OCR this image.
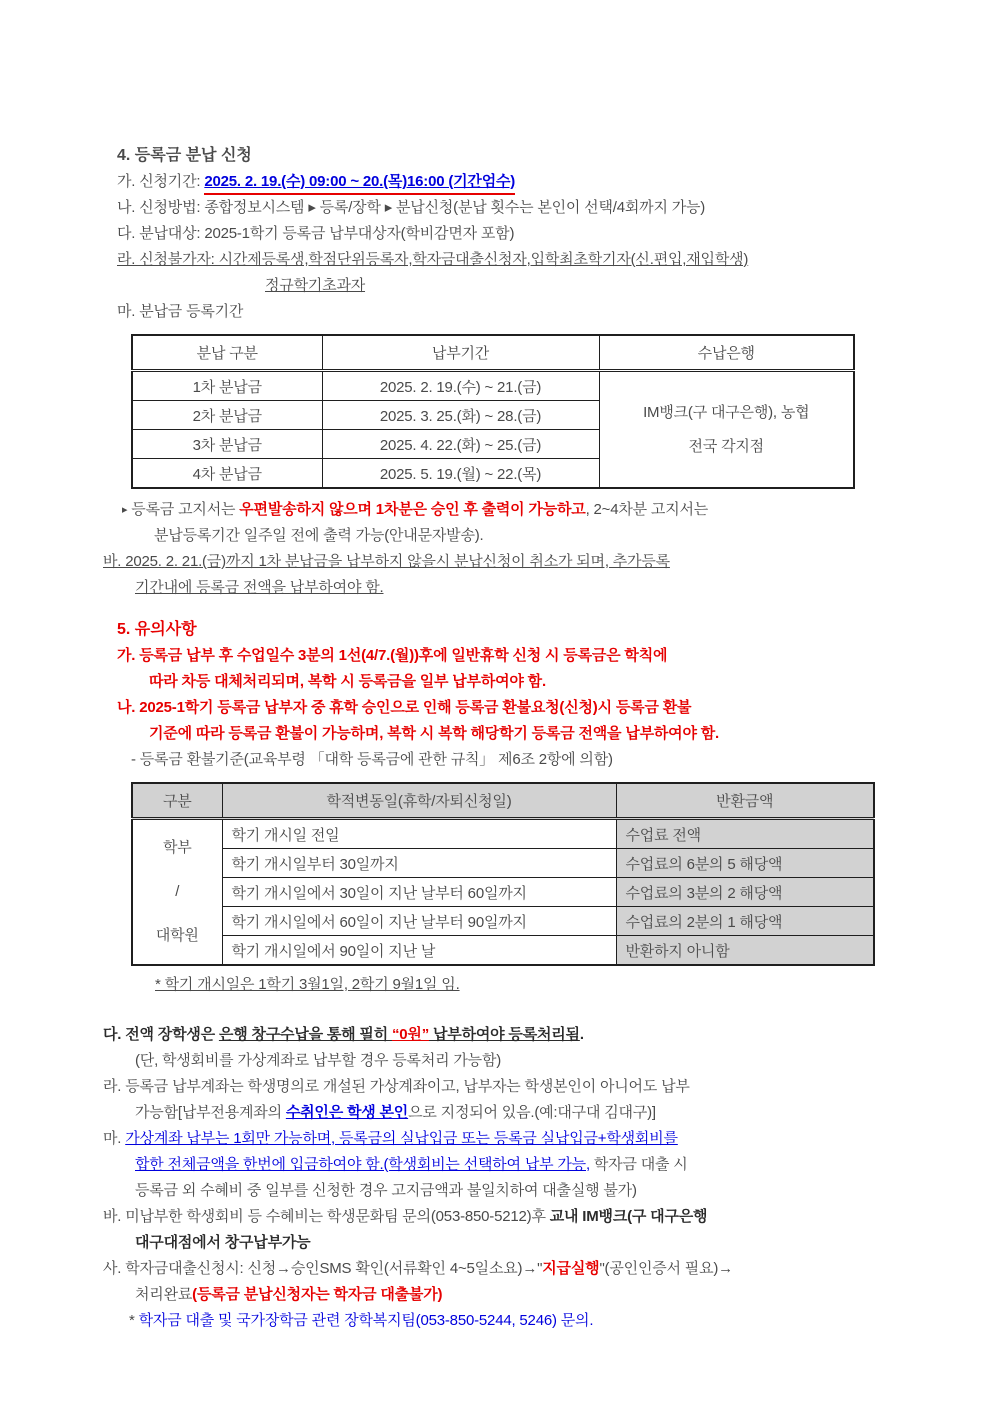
4. 등록금 분납 신청
가. 신청기간: 2025. 2. 19.(수) 09:00 ~ 20.(목)16:00 (기간엄수)
나. 신청방법: 종합정보시스템 ▸ 등록/장학 ▸ 분납신청(분납 횟수는 본인이 선택/4회까지 가능)
다. 분납대상: 2025-1학기 등록금 납부대상자(학비감면자 포함)
라. 신청불가자: 시간제등록생,학점단위등록자,학자금대출신청자,입학최초학기자(신.편입,재입학생)
정규학기초과자
마. 분납금 등록기간
분납 구분	납부기간	수납은행
1차 분납금	2025. 2. 19.(수) ~ 21.(금)	IM뱅크(구 대구은행), 농협
전국 각지점

2차 분납금	2025. 3. 25.(화) ~ 28.(금)	
3차 분납금	2025. 4. 22.(화) ~ 25.(금)	
4차 분납금	2025. 5. 19.(월) ~ 22.(목)	
▸ 등록금 고지서는 우편발송하지 않으며 1차분은 승인 후 출력이 가능하고, 2~4차분 고지서는
분납등록기간 일주일 전에 출력 가능(안내문자발송).
바. 2025. 2. 21.(금)까지 1차 분납금을 납부하지 않을시 분납신청이 취소가 되며, 추가등록
기간내에 등록금 전액을 납부하여야 함.
5. 유의사항
가. 등록금 납부 후 수업일수 3분의 1선(4/7.(월))후에 일반휴학 신청 시 등록금은 학칙에
따라 차등 대체처리되며, 복학 시 등록금을 일부 납부하여야 함.
나. 2025-1학기 등록금 납부자 중 휴학 승인으로 인해 등록금 환불요청(신청)시 등록금 환불
기준에 따라 등록금 환불이 가능하며, 복학 시 복학 해당학기 등록금 전액을 납부하여야 함.
- 등록금 환불기준(교육부령 「대학 등록금에 관한 규칙」 제6조 2항에 의함)
구분	학적변동일(휴학/자퇴신청일)	반환금액

학부
/
대학원	학기 개시일 전일	수업료 전액
	학기 개시일부터 30일까지	수업료의 6분의 5 해당액
	학기 개시일에서 30일이 지난 날부터 60일까지	수업료의 3분의 2 해당액
	학기 개시일에서 60일이 지난 날부터 90일까지	수업료의 2분의 1 해당액
	학기 개시일에서 90일이 지난 날	반환하지 아니함
* 학기 개시일은 1학기 3월1일, 2학기 9월1일 임.
다. 전액 장학생은 은행 창구수납을 통해 필히 “0원” 납부하여야 등록처리됨.
(단, 학생회비를 가상계좌로 납부할 경우 등록처리 가능함)
라. 등록금 납부계좌는 학생명의로 개설된 가상계좌이고, 납부자는 학생본인이 아니어도 납부
가능함[납부전용계좌의 수취인은 학생 본인으로 지정되어 있음.(예:대구대 김대구)]
마. 가상계좌 납부는 1회만 가능하며, 등록금의 실납입금 또는 등록금 실납입금+학생회비를
합한 전체금액을 한번에 입금하여야 함.(학생회비는 선택하여 납부 가능, 학자금 대출 시
등록금 외 수혜비 중 일부를 신청한 경우 고지금액과 불일치하여 대출실행 불가)
바. 미납부한 학생회비 등 수혜비는 학생문화팀 문의(053-850-5212)후 교내 IM뱅크(구 대구은행
대구대점에서 창구납부가능
사. 학자금대출신청시: 신청→승인SMS 확인(서류확인 4~5일소요)→"지급실행"(공인인증서 필요)→
처리완료(등록금 분납신청자는 학자금 대출불가)
* 학자금 대출 및 국가장학금 관련 장학복지팀(053-850-5244, 5246) 문의.
